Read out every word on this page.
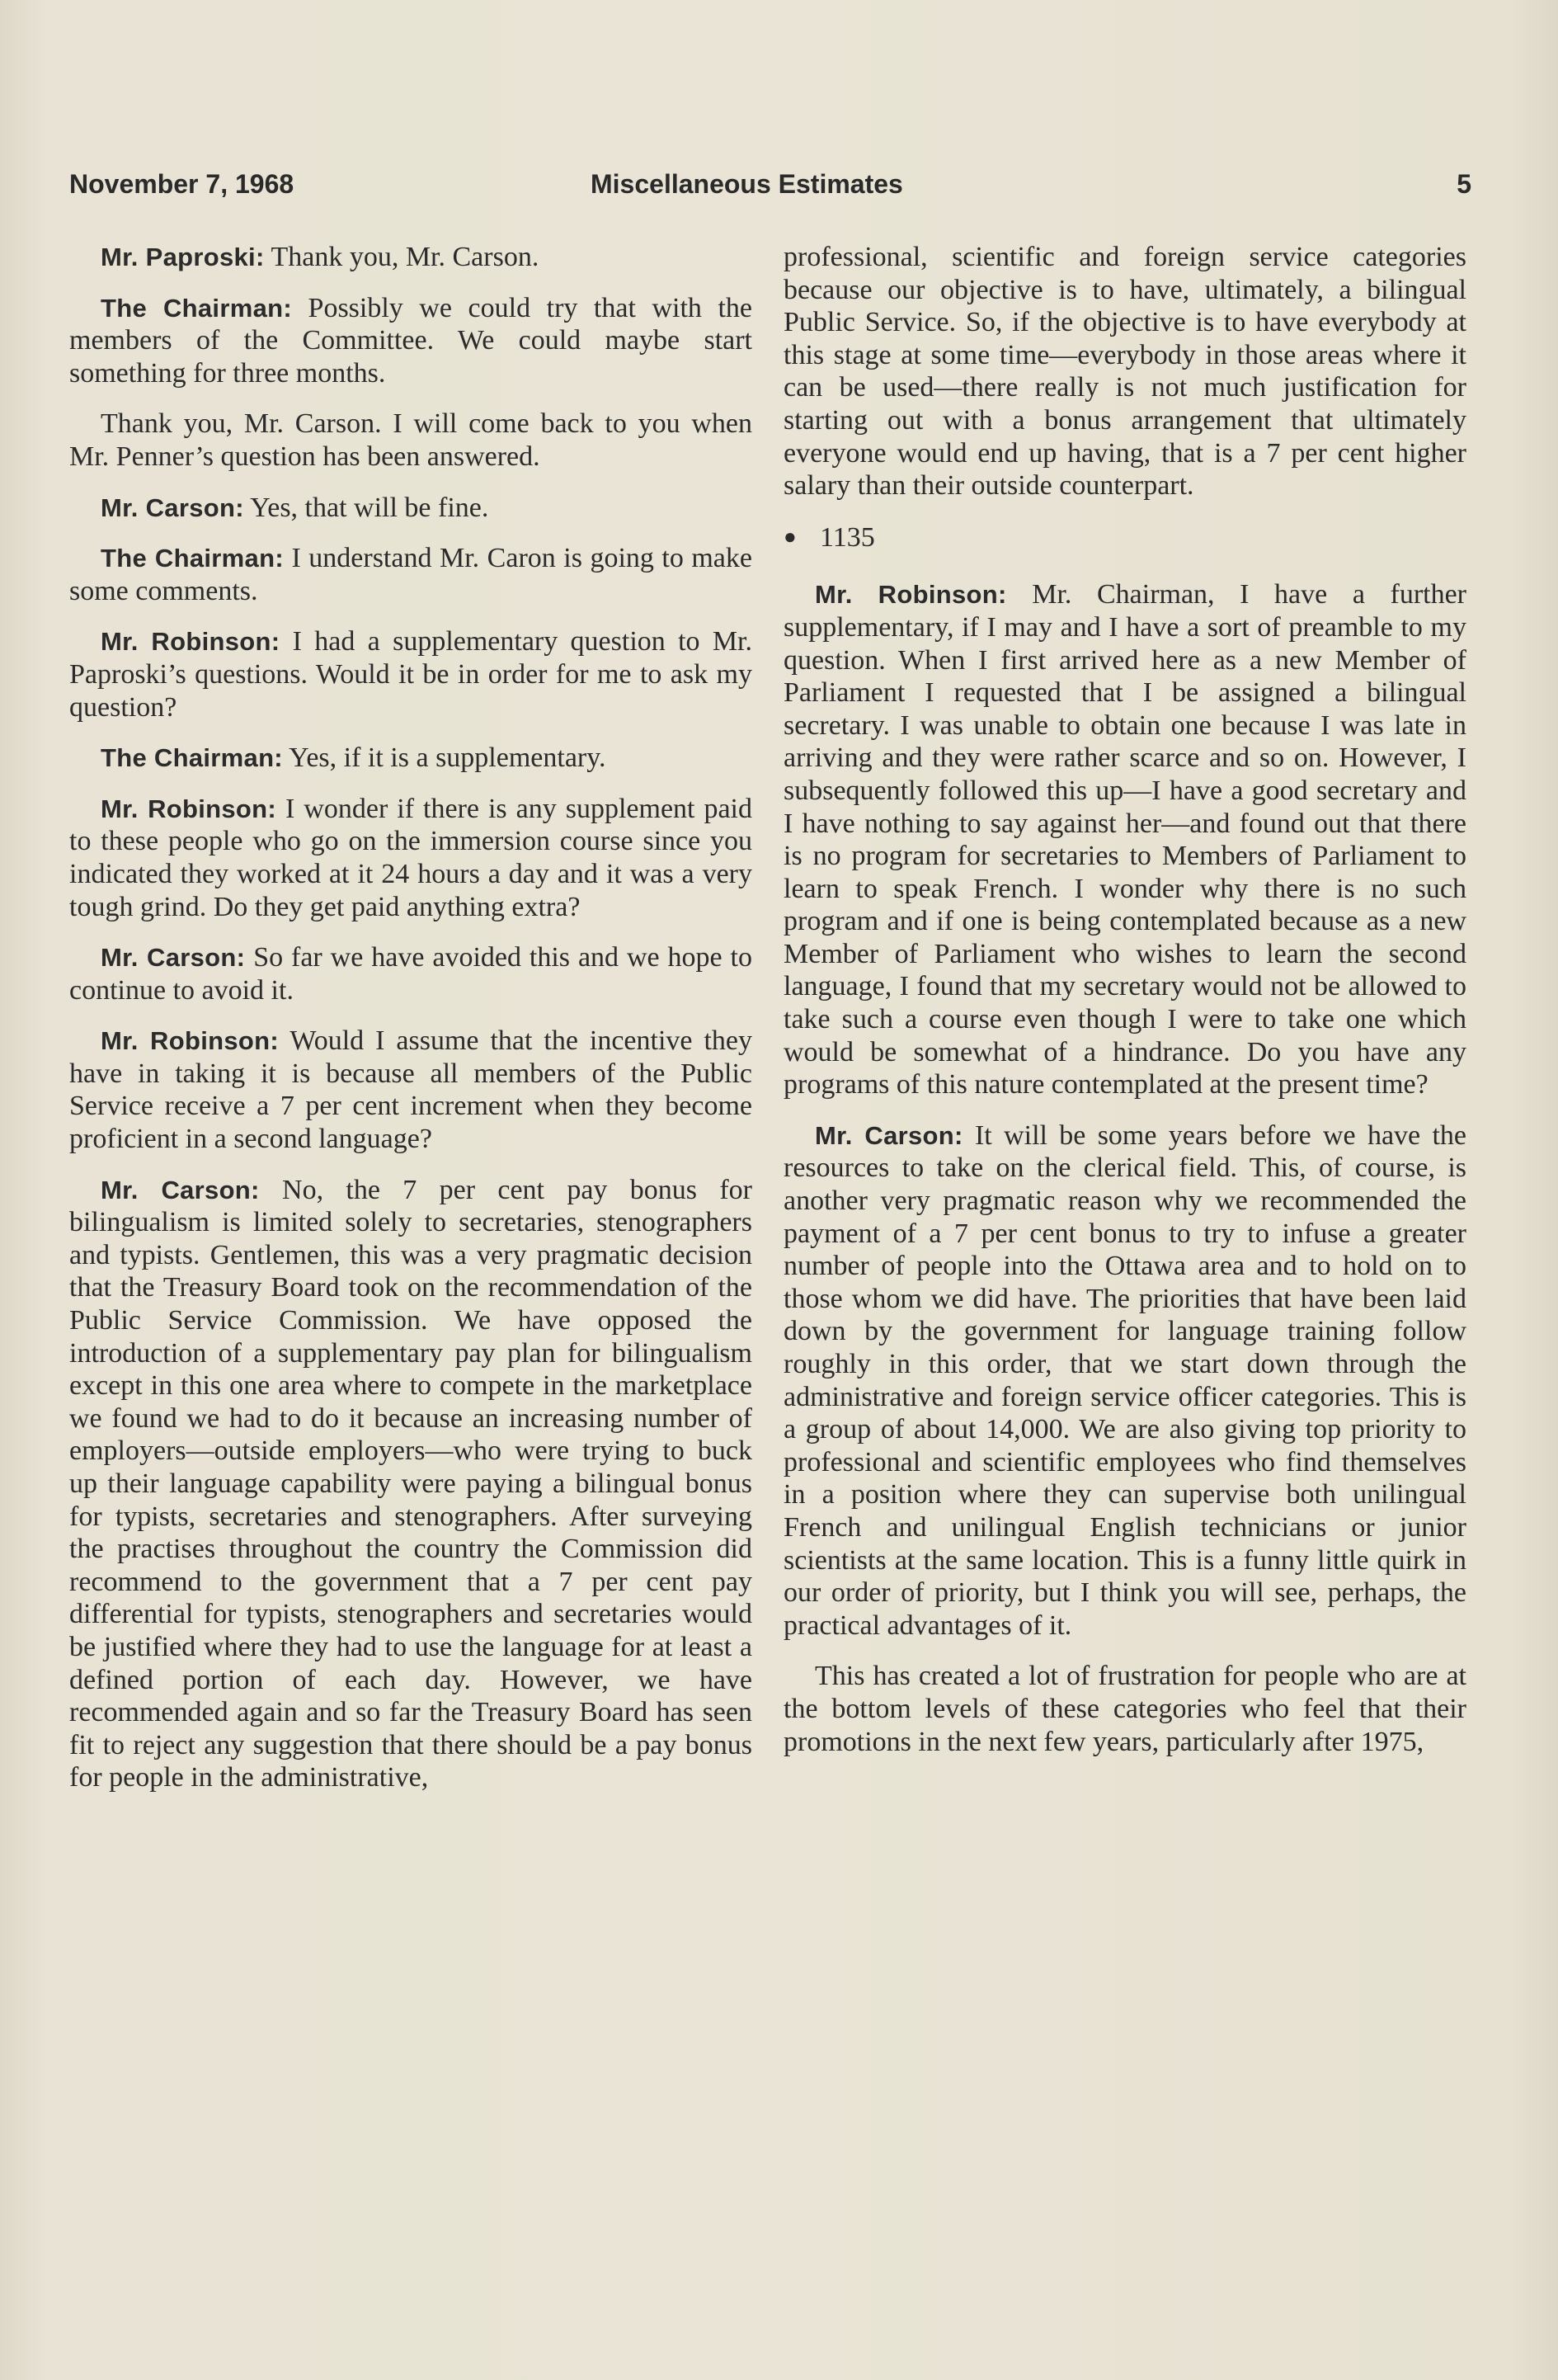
November 7, 1968	Miscellaneous Estimates	5

Mr. Paproski: Thank you, Mr. Carson.

The Chairman: Possibly we could try that with the members of the Committee. We could maybe start something for three months.

Thank you, Mr. Carson. I will come back to you when Mr. Penner’s question has been answered.

Mr. Carson: Yes, that will be fine.

The Chairman: I understand Mr. Caron is going to make some comments.

Mr. Robinson: I had a supplementary question to Mr. Paproski’s questions. Would it be in order for me to ask my question?

The Chairman: Yes, if it is a supplementary.

Mr. Robinson: I wonder if there is any supplement paid to these people who go on the immersion course since you indicated they worked at it 24 hours a day and it was a very tough grind. Do they get paid anything extra?

Mr. Carson: So far we have avoided this and we hope to continue to avoid it.

Mr. Robinson: Would I assume that the incentive they have in taking it is because all members of the Public Service receive a 7 per cent increment when they become proficient in a second language?

Mr. Carson: No, the 7 per cent pay bonus for bilingualism is limited solely to secretaries, stenographers and typists. Gentlemen, this was a very pragmatic decision that the Treasury Board took on the recommendation of the Public Service Commission. We have opposed the introduction of a supplementary pay plan for bilingualism except in this one area where to compete in the marketplace we found we had to do it because an increasing number of employers—outside employers—who were trying to buck up their language capability were paying a bilingual bonus for typists, secretaries and stenographers. After surveying the practises throughout the country the Commission did recommend to the government that a 7 per cent pay differential for typists, stenographers and secretaries would be justified where they had to use the language for at least a defined portion of each day. However, we have recommended again and so far the Treasury Board has seen fit to reject any suggestion that there should be a pay bonus for people in the administrative,

professional, scientific and foreign service categories because our objective is to have, ultimately, a bilingual Public Service. So, if the objective is to have everybody at this stage at some time—everybody in those areas where it can be used—there really is not much justification for starting out with a bonus arrangement that ultimately everyone would end up having, that is a 7 per cent higher salary than their outside counterpart.

● 1135

Mr. Robinson: Mr. Chairman, I have a further supplementary, if I may and I have a sort of preamble to my question. When I first arrived here as a new Member of Parliament I requested that I be assigned a bilingual secretary. I was unable to obtain one because I was late in arriving and they were rather scarce and so on. However, I subsequently followed this up—I have a good secretary and I have nothing to say against her—and found out that there is no program for secretaries to Members of Parliament to learn to speak French. I wonder why there is no such program and if one is being contemplated because as a new Member of Parliament who wishes to learn the second language, I found that my secretary would not be allowed to take such a course even though I were to take one which would be somewhat of a hindrance. Do you have any programs of this nature contemplated at the present time?

Mr. Carson: It will be some years before we have the resources to take on the clerical field. This, of course, is another very pragmatic reason why we recommended the payment of a 7 per cent bonus to try to infuse a greater number of people into the Ottawa area and to hold on to those whom we did have. The priorities that have been laid down by the government for language training follow roughly in this order, that we start down through the administrative and foreign service officer categories. This is a group of about 14,000. We are also giving top priority to professional and scientific employees who find themselves in a position where they can supervise both unilingual French and unilingual English technicians or junior scientists at the same location. This is a funny little quirk in our order of priority, but I think you will see, perhaps, the practical advantages of it.

This has created a lot of frustration for people who are at the bottom levels of these categories who feel that their promotions in the next few years, particularly after 1975,
